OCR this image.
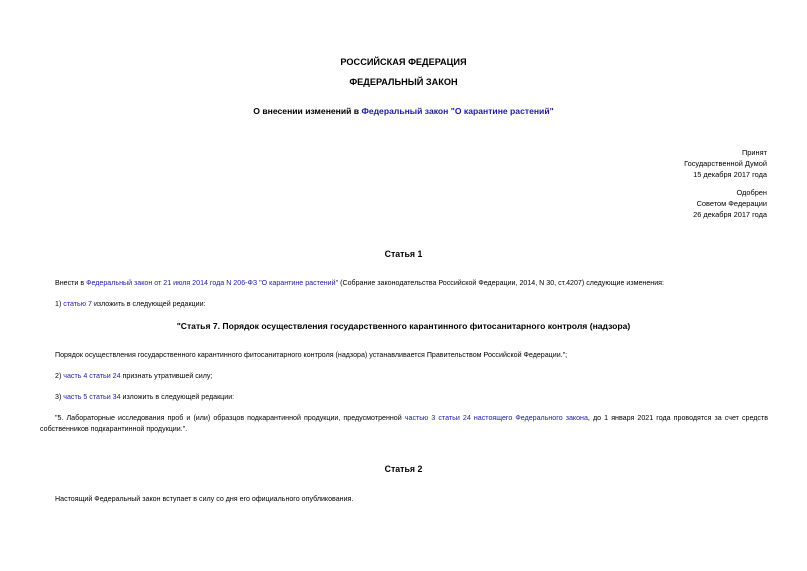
РОССИЙСКАЯ ФЕДЕРАЦИЯ
ФЕДЕРАЛЬНЫЙ ЗАКОН
О внесении изменений в Федеральный закон "О карантине растений"
Принят
Государственной Думой
15 декабря 2017 года
Одобрен
Советом Федерации
26 декабря 2017 года
Статья 1
Внести в Федеральный закон от 21 июля 2014 года N 206-ФЗ "О карантине растений" (Собрание законодательства Российской Федерации, 2014, N 30, ст.4207) следующие изменения:
1) статью 7 изложить в следующей редакции:
"Статья 7. Порядок осуществления государственного карантинного фитосанитарного контроля (надзора)
Порядок осуществления государственного карантинного фитосанитарного контроля (надзора) устанавливается Правительством Российской Федерации.";
2) часть 4 статьи 24 признать утратившей силу;
3) часть 5 статьи 34 изложить в следующей редакции:
"5. Лабораторные исследования проб и (или) образцов подкарантинной продукции, предусмотренной частью 3 статьи 24 настоящего Федерального закона, до 1 января 2021 года проводятся за счет средств собственников подкарантинной продукции.".
Статья 2
Настоящий Федеральный закон вступает в силу со дня его официального опубликования.
